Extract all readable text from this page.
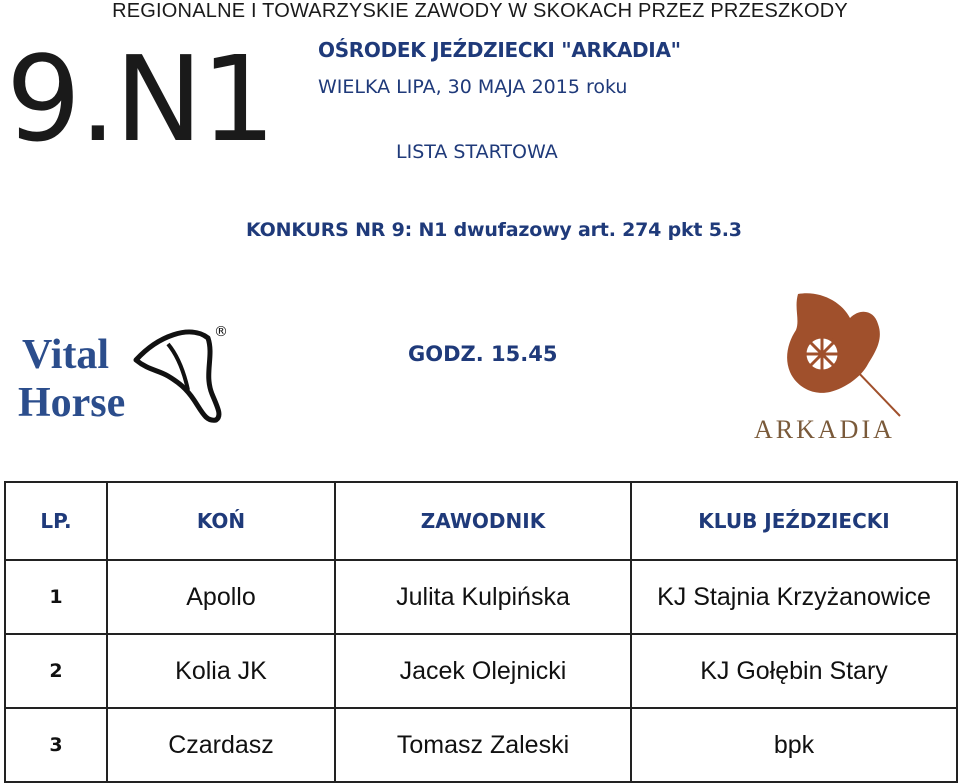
REGIONALNE I TOWARZYSKIE ZAWODY W SKOKACH PRZEZ PRZESZKODY
9.N1 OŚRODEK JEŹDZIECKI "ARKADIA"
WIELKA LIPA, 30 MAJA 2015 roku
LISTA STARTOWA
KONKURS NR 9: N1 dwufazowy art. 274 pkt 5.3
GODZ. 15.45
Vital
Horse
®
ARKADIA
LP.	KOŃ	ZAWODNIK	KLUB JEŹDZIECKI
1	Apollo	Julita Kulpińska	KJ Stajnia Krzyżanowice
2	Kolia JK	Jacek Olejnicki	KJ Gołębin Stary
3	Czardasz	Tomasz Zaleski	bpk
